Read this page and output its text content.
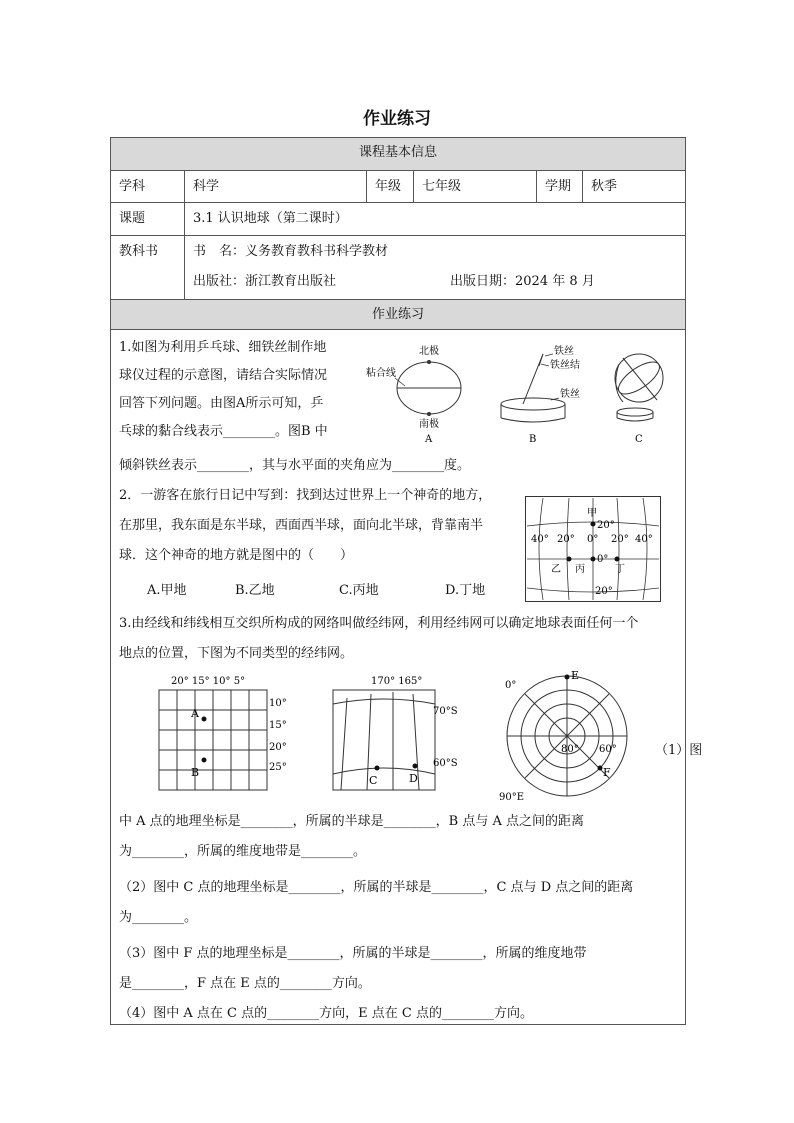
作业练习
课程基本信息
学科	科学	年级	七年级	学期	秋季
课题	3.1 认识地球（第二课时）
教科书	书　名：义务教育教科书科学教材
出版社：浙江教育出版社	出版日期：2024 年 8 月
作业练习
1.如图为利用乒乓球、细铁丝制作地
球仪过程的示意图，请结合实际情况
回答下列问题。由图A所示可知，乒
乓球的黏合线表示________。图B 中
倾斜铁丝表示________，其与水平面的夹角应为________度。
北极
南极
粘合线
A
铁丝
铁丝结
铁丝
B	C
2．一游客在旅行日记中写到：找到达过世界上一个神奇的地方，
在那里，我东面是东半球，西面西半球，面向北半球，背靠南半
球．这个神奇的地方就是图中的（　　）
A.甲地	B.乙地	C.丙地	D.丁地
甲
20°
40° 20° 0° 20° 40°
0°
乙 丙	丁
20°
3.由经线和纬线相互交织所构成的网络叫做经纬网，利用经纬网可以确定地球表面任何一个
地点的位置，下图为不同类型的经纬网。
20° 15° 10° 5°
A
B
10°
15°
20°
25°
170° 165°
C	D
70°S
60°S
E
F
0°
80° 60°
90°E
（1）图
中 A 点的地理坐标是________，所属的半球是________，B 点与 A 点之间的距离
为________，所属的维度地带是________。
（2）图中 C 点的地理坐标是________，所属的半球是________，C 点与 D 点之间的距离
为________。
（3）图中 F 点的地理坐标是________，所属的半球是________，所属的维度地带
是________，F 点在 E 点的________方向。
（4）图中 A 点在 C 点的________方向，E 点在 C 点的________方向。
